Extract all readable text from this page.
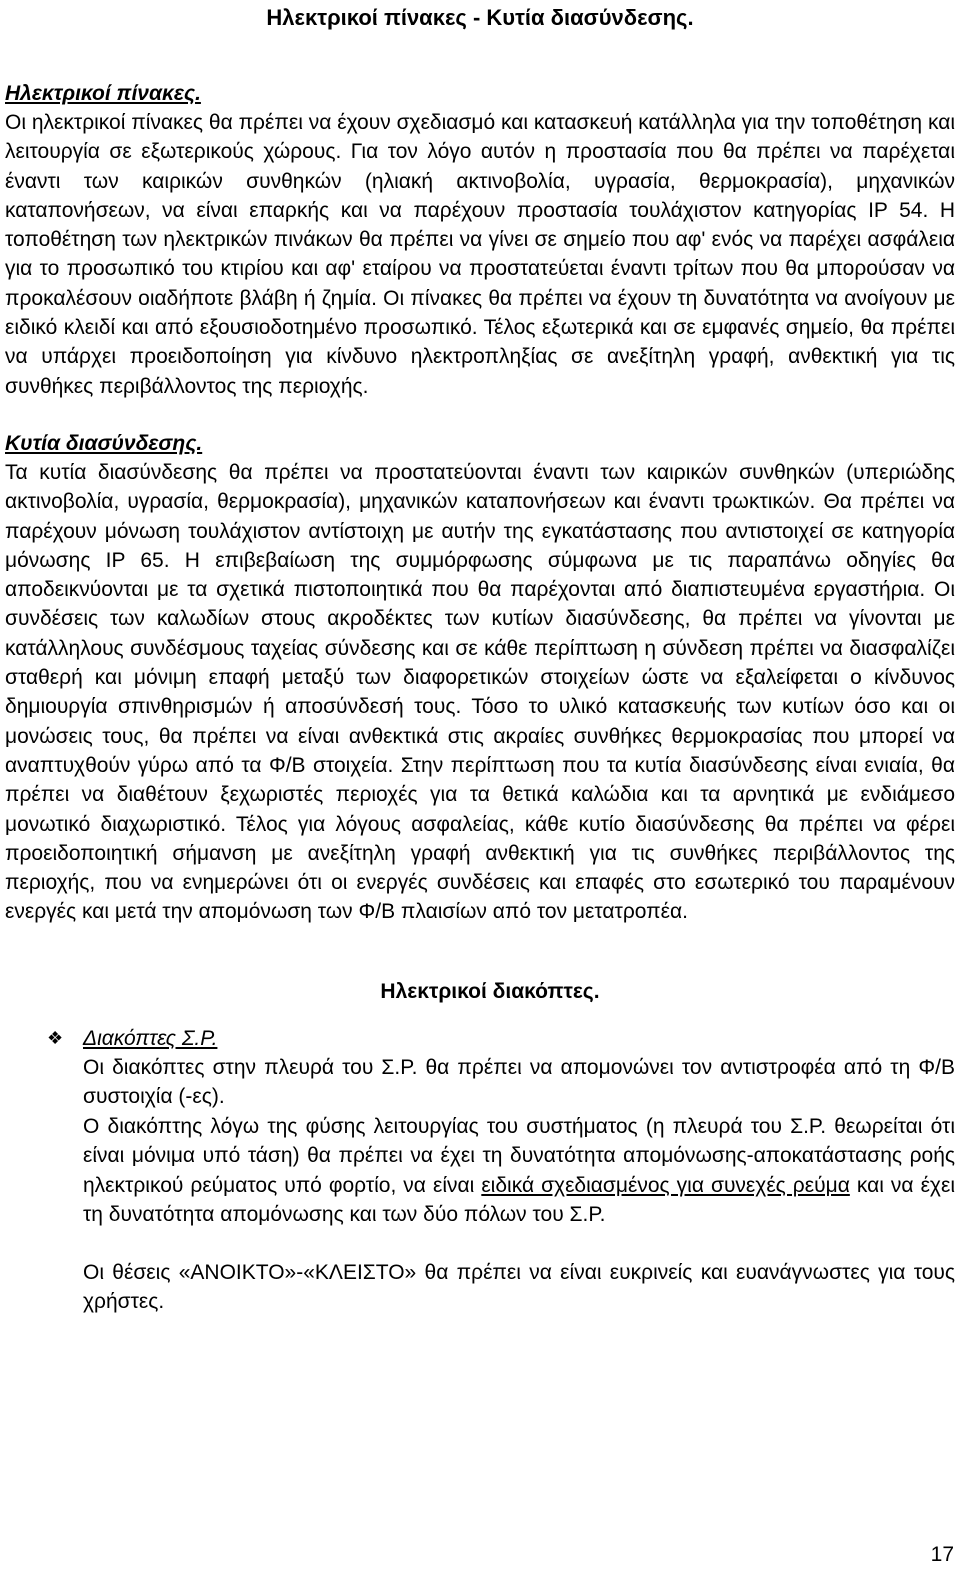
Ηλεκτρικοί πίνακες - Κυτία διασύνδεσης.
Ηλεκτρικοί πίνακες.

Οι ηλεκτρικοί πίνακες θα πρέπει να έχουν σχεδιασμό και κατασκευή κατάλληλα για την τοποθέτηση και λειτουργία σε εξωτερικούς χώρους. Για τον λόγο αυτόν η προστασία που θα πρέπει να παρέχεται έναντι των καιρικών συνθηκών (ηλιακή ακτινοβολία, υγρασία, θερμοκρασία), μηχανικών καταπονήσεων, να είναι επαρκής και να παρέχουν προστασία τουλάχιστον κατηγορίας IP 54. Η τοποθέτηση των ηλεκτρικών πινάκων θα πρέπει να γίνει σε σημείο που αφ' ενός να παρέχει ασφάλεια για το προσωπικό του κτιρίου και αφ' εταίρου να προστατεύεται έναντι τρίτων που θα μπορούσαν να προκαλέσουν οιαδήποτε βλάβη ή ζημία. Οι πίνακες θα πρέπει να έχουν τη δυνατότητα να ανοίγουν με ειδικό κλειδί και από εξουσιοδοτημένο προσωπικό. Τέλος εξωτερικά και σε εμφανές σημείο, θα πρέπει να υπάρχει προειδοποίηση για κίνδυνο ηλεκτροπληξίας σε ανεξίτηλη γραφή, ανθεκτική για τις συνθήκες περιβάλλοντος της περιοχής.

Κυτία διασύνδεσης.

Τα κυτία διασύνδεσης θα πρέπει να προστατεύονται έναντι των καιρικών συνθηκών (υπεριώδης ακτινοβολία, υγρασία, θερμοκρασία), μηχανικών καταπονήσεων και έναντι τρωκτικών. Θα πρέπει να παρέχουν μόνωση τουλάχιστον αντίστοιχη με αυτήν της εγκατάστασης που αντιστοιχεί σε κατηγορία μόνωσης IP 65. Η επιβεβαίωση της συμμόρφωσης σύμφωνα με τις παραπάνω οδηγίες θα αποδεικνύονται με τα σχετικά πιστοποιητικά που θα παρέχονται από διαπιστευμένα εργαστήρια. Οι συνδέσεις των καλωδίων στους ακροδέκτες των κυτίων διασύνδεσης, θα πρέπει να γίνονται με κατάλληλους συνδέσμους ταχείας σύνδεσης και σε κάθε περίπτωση η σύνδεση πρέπει να διασφαλίζει σταθερή και μόνιμη επαφή μεταξύ των διαφορετικών στοιχείων ώστε να εξαλείφεται ο κίνδυνος δημιουργία σπινθηρισμών ή αποσύνδεσή τους. Τόσο το υλικό κατασκευής των κυτίων όσο και οι μονώσεις τους, θα πρέπει να είναι ανθεκτικά στις ακραίες συνθήκες θερμοκρασίας που μπορεί να αναπτυχθούν γύρω από τα Φ/Β στοιχεία. Στην περίπτωση που τα κυτία διασύνδεσης είναι ενιαία, θα πρέπει να διαθέτουν ξεχωριστές περιοχές για τα θετικά καλώδια και τα αρνητικά με ενδιάμεσο μονωτικό διαχωριστικό. Τέλος για λόγους ασφαλείας, κάθε κυτίο διασύνδεσης θα πρέπει να φέρει προειδοποιητική σήμανση με ανεξίτηλη γραφή ανθεκτική για τις συνθήκες περιβάλλοντος της περιοχής, που να ενημερώνει ότι οι ενεργές συνδέσεις και επαφές στο εσωτερικό του παραμένουν ενεργές και μετά την απομόνωση των Φ/Β πλαισίων από τον μετατροπέα.

Ηλεκτρικοί διακόπτες.
❖ Διακόπτες Σ.Ρ.

Οι διακόπτες στην πλευρά του Σ.Ρ. θα πρέπει να απομονώνει τον αντιστροφέα από τη Φ/Β συστοιχία (-ες).

Ο διακόπτης λόγω της φύσης λειτουργίας του συστήματος (η πλευρά του Σ.Ρ. θεωρείται ότι είναι μόνιμα υπό τάση) θα πρέπει να έχει τη δυνατότητα απομόνωσης-αποκατάστασης ροής ηλεκτρικού ρεύματος υπό φορτίο, να είναι ειδικά σχεδιασμένος για συνεχές ρεύμα και να έχει τη δυνατότητα απομόνωσης και των δύο πόλων του Σ.Ρ.

Οι θέσεις «ΑΝΟΙΚΤΟ»-«ΚΛΕΙΣΤΟ» θα πρέπει να είναι ευκρινείς και ευανάγνωστες για τους χρήστες.

17
